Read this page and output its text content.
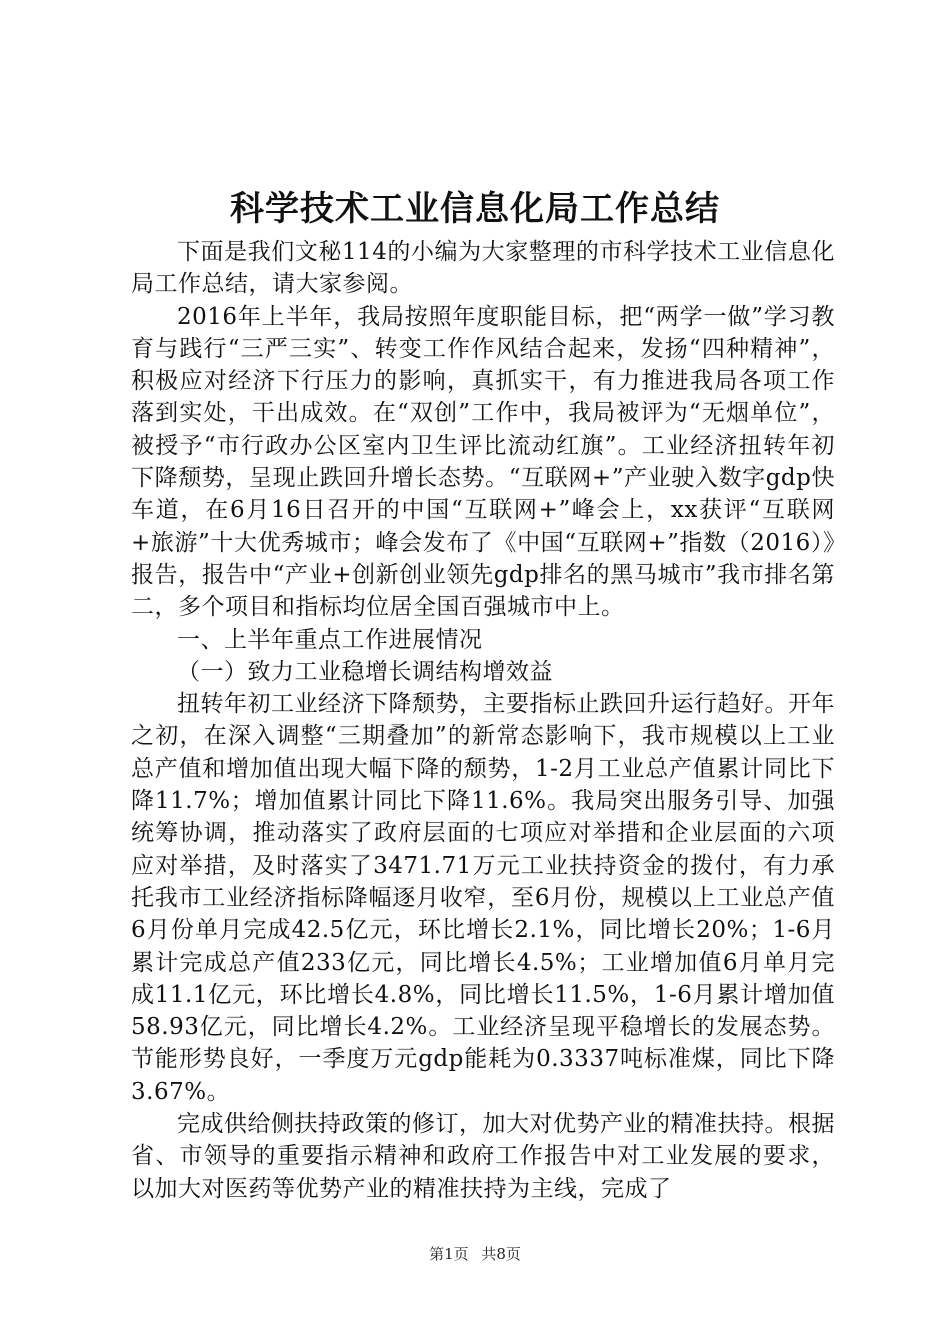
科学技术工业信息化局工作总结

下面是我们文秘114的小编为大家整理的市科学技术工业信息化局工作总结，请大家参阅。

2016年上半年，我局按照年度职能目标，把“两学一做”学习教育与践行“三严三实”、转变工作作风结合起来，发扬“四种精神”，积极应对经济下行压力的影响，真抓实干，有力推进我局各项工作落到实处，干出成效。在“双创”工作中，我局被评为“无烟单位”，被授予“市行政办公区室内卫生评比流动红旗”。工业经济扭转年初下降颓势，呈现止跌回升增长态势。“互联网+”产业驶入数字gdp快车道，在6月16日召开的中国“互联网+”峰会上，xx获评“互联网+旅游”十大优秀城市；峰会发布了《中国“互联网+”指数（2016）》报告，报告中“产业+创新创业领先gdp排名的黑马城市”我市排名第二，多个项目和指标均位居全国百强城市中上。

一、上半年重点工作进展情况

（一）致力工业稳增长调结构增效益

扭转年初工业经济下降颓势，主要指标止跌回升运行趋好。开年之初，在深入调整“三期叠加”的新常态影响下，我市规模以上工业总产值和增加值出现大幅下降的颓势，1-2月工业总产值累计同比下降11.7%；增加值累计同比下降11.6%。我局突出服务引导、加强统筹协调，推动落实了政府层面的七项应对举措和企业层面的六项应对举措，及时落实了3471.71万元工业扶持资金的拨付，有力承托我市工业经济指标降幅逐月收窄，至6月份，规模以上工业总产值6月份单月完成42.5亿元，环比增长2.1%，同比增长20%；1-6月累计完成总产值233亿元，同比增长4.5%；工业增加值6月单月完成11.1亿元，环比增长4.8%，同比增长11.5%，1-6月累计增加值58.93亿元，同比增长4.2%。工业经济呈现平稳增长的发展态势。节能形势良好，一季度万元gdp能耗为0.3337吨标准煤，同比下降3.67%。

完成供给侧扶持政策的修订，加大对优势产业的精准扶持。根据省、市领导的重要指示精神和政府工作报告中对工业发展的要求，以加大对医药等优势产业的精准扶持为主线，完成了

第1页 共8页
